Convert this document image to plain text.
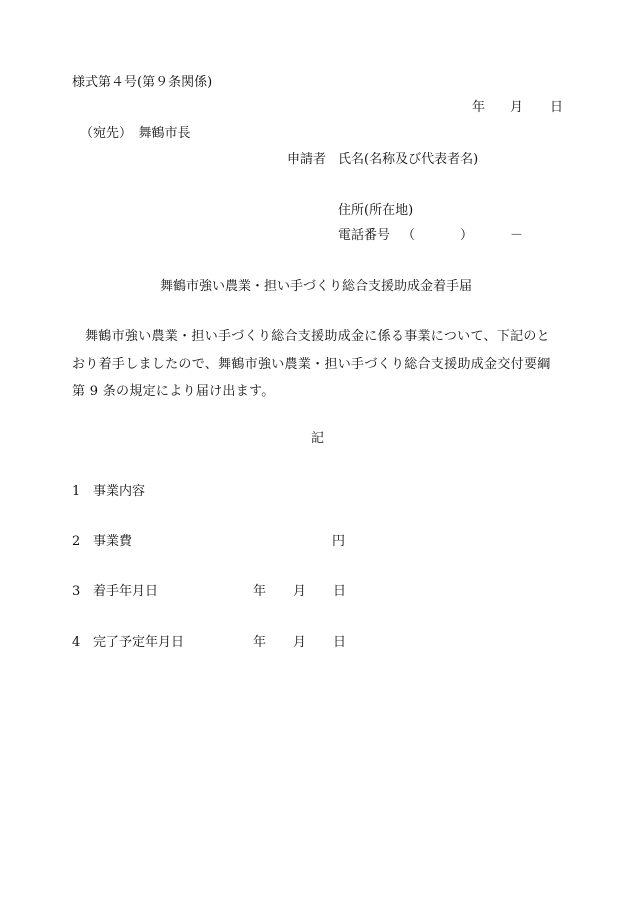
様式第４号(第９条関係)
年 月 日
（宛先）　舞鶴市長
申請者 氏名(名称及び代表者名)
住所(所在地)
電話番号 （	）	－
舞鶴市強い農業・担い手づくり総合支援助成金着手届
舞鶴市強い農業・担い手づくり総合支援助成金に係る事業について、下記のとおり着手しましたので、舞鶴市強い農業・担い手づくり総合支援助成金交付要綱第 9 条の規定により届け出ます。
記
1 事業内容
2 事業費	円
3 着手年月日	年 月 日
4 完了予定年月日	年 月 日
